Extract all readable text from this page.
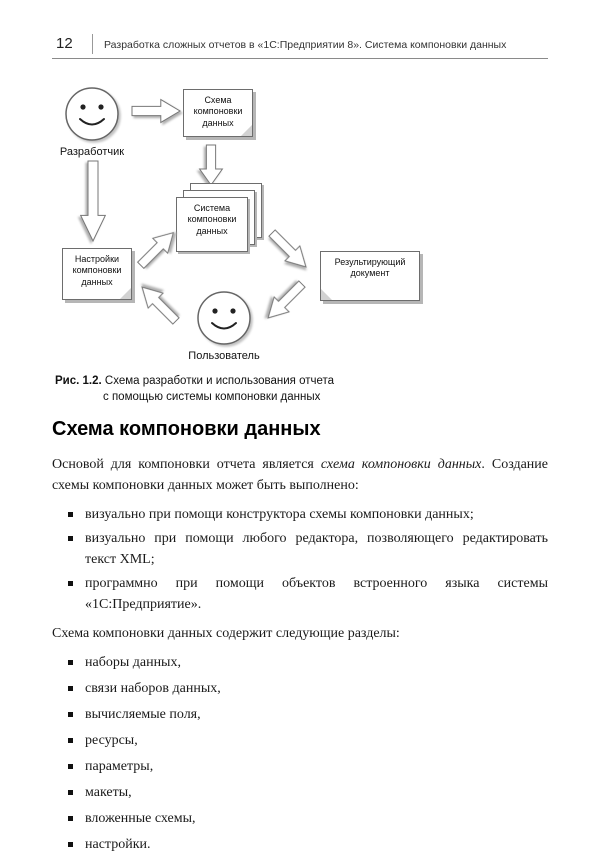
12	Разработка сложных отчетов в «1С:Предприятии 8». Система компоновки данных
Разработчик
Схема компоновки данных
Система компоновки данных
Настройки компоновки данных
Результирующий документ
Пользователь
Рис. 1.2. Схема разработки и использования отчета
с помощью системы компоновки данных
Схема компоновки данных

Основой для компоновки отчета является схема компоновки данных. Создание схемы компоновки данных может быть выполнено:

визуально при помощи конструктора схемы компоновки данных;
визуально при помощи любого редактора, позволяющего редактировать текст XML;
программно при помощи объектов встроенного языка системы «1С:Предприятие».

Схема компоновки данных содержит следующие разделы:

наборы данных,
связи наборов данных,
вычисляемые поля,
ресурсы,
параметры,
макеты,
вложенные схемы,
настройки.
